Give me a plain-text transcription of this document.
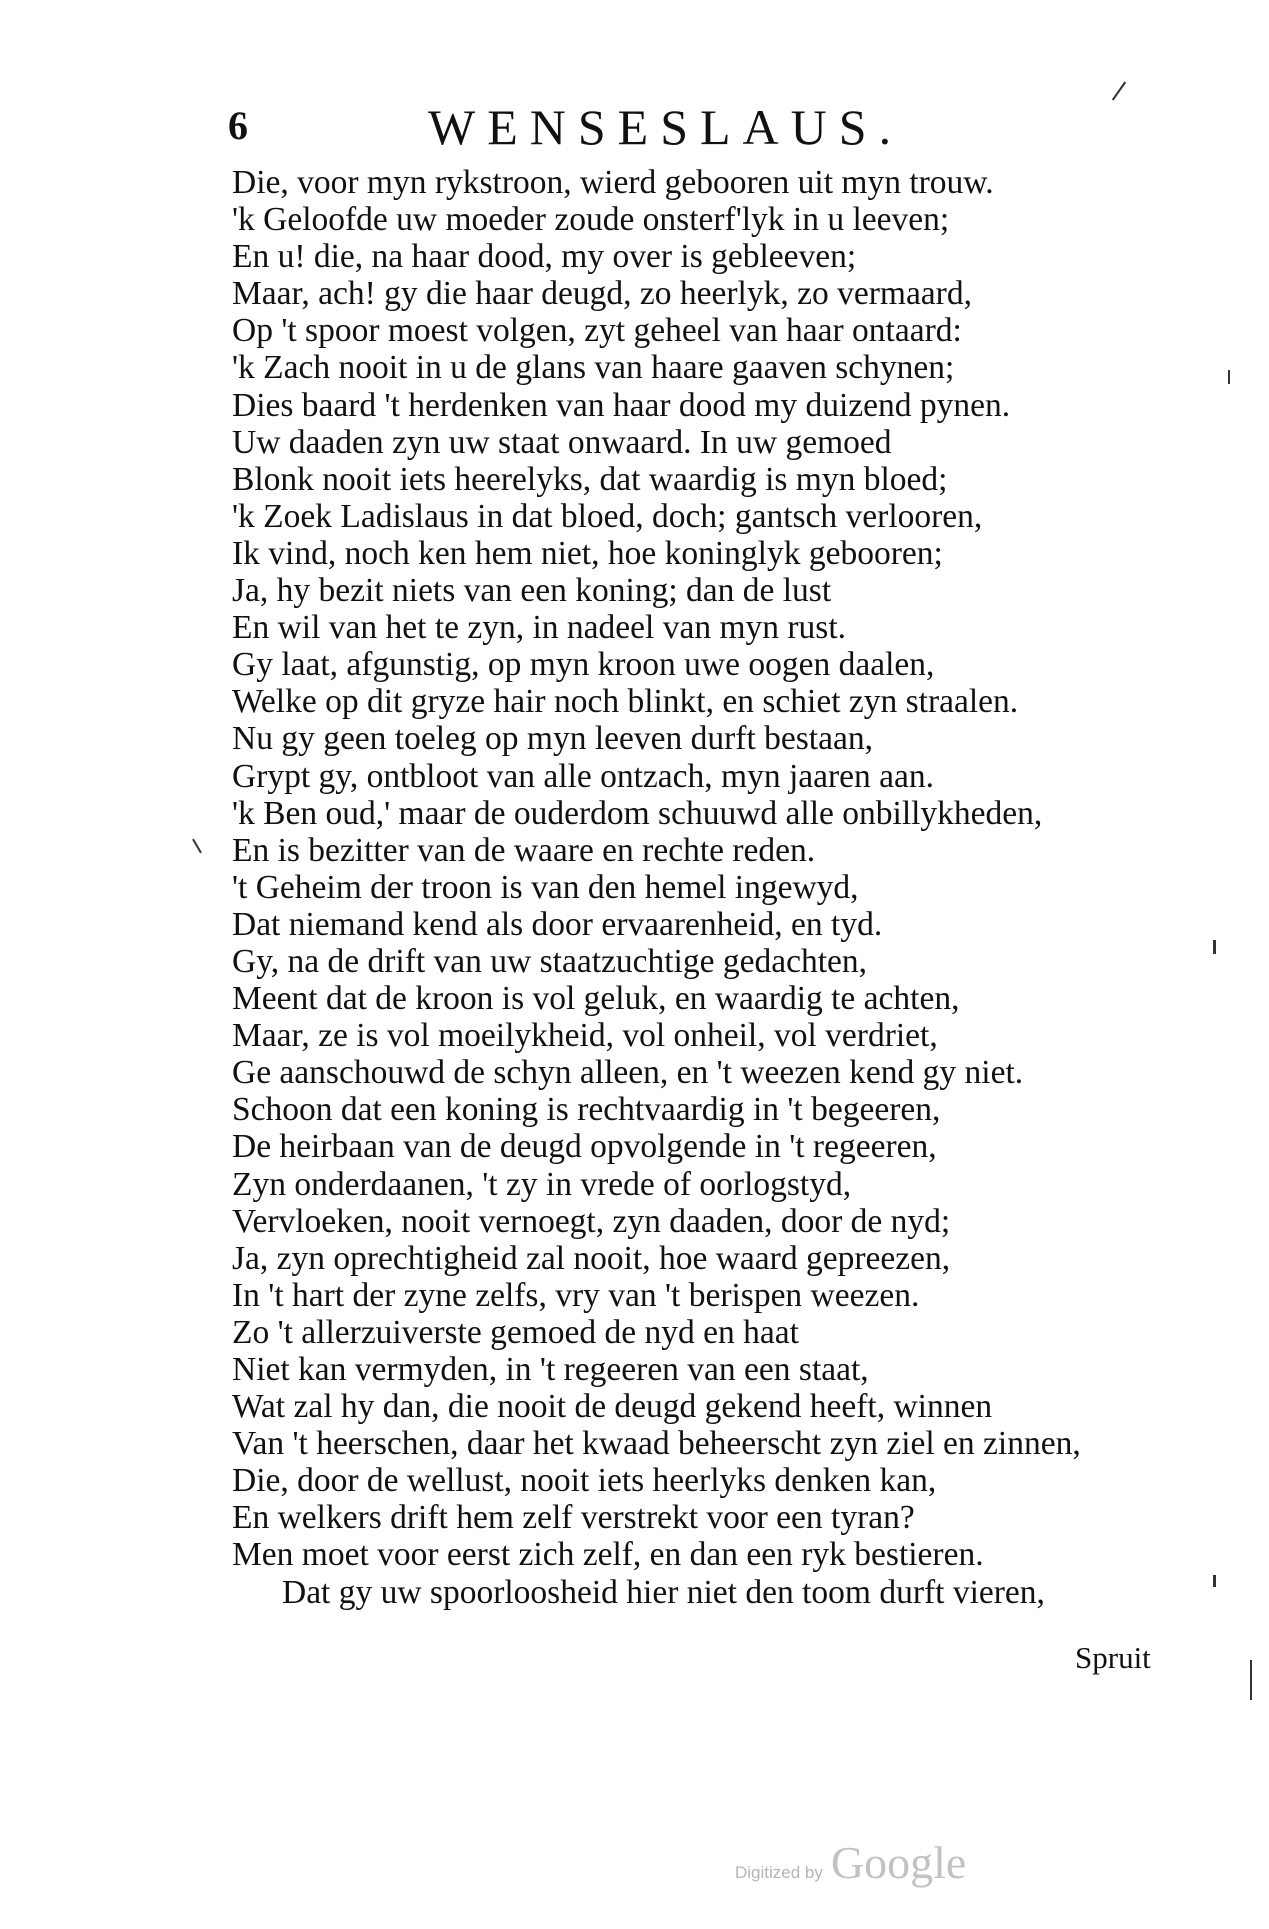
6	WENSESLAUS.
Die, voor myn rykstroon, wierd gebooren uit myn trouw.
'k Geloofde uw moeder zoude onsterf'lyk in u leeven;
En u! die, na haar dood, my over is gebleeven;
Maar, ach! gy die haar deugd, zo heerlyk, zo vermaard,
Op 't spoor moest volgen, zyt geheel van haar ontaard:
'k Zach nooit in u de glans van haare gaaven schynen;
Dies baard 't herdenken van haar dood my duizend pynen.
Uw daaden zyn uw staat onwaard. In uw gemoed
Blonk nooit iets heerelyks, dat waardig is myn bloed;
'k Zoek Ladislaus in dat bloed, doch; gantsch verlooren,
Ik vind, noch ken hem niet, hoe koninglyk gebooren;
Ja, hy bezit niets van een koning; dan de lust
En wil van het te zyn, in nadeel van myn rust.
Gy laat, afgunstig, op myn kroon uwe oogen daalen,
Welke op dit gryze hair noch blinkt, en schiet zyn straalen.
Nu gy geen toeleg op myn leeven durft bestaan,
Grypt gy, ontbloot van alle ontzach, myn jaaren aan.
'k Ben oud,' maar de ouderdom schuuwd alle onbillykheden,
En is bezitter van de waare en rechte reden.
't Geheim der troon is van den hemel ingewyd,
Dat niemand kend als door ervaarenheid, en tyd.
Gy, na de drift van uw staatzuchtige gedachten,
Meent dat de kroon is vol geluk, en waardig te achten,
Maar, ze is vol moeilykheid, vol onheil, vol verdriet,
Ge aanschouwd de schyn alleen, en 't weezen kend gy niet.
Schoon dat een koning is rechtvaardig in 't begeeren,
De heirbaan van de deugd opvolgende in 't regeeren,
Zyn onderdaanen, 't zy in vrede of oorlogstyd,
Vervloeken, nooit vernoegt, zyn daaden, door de nyd;
Ja, zyn oprechtigheid zal nooit, hoe waard gepreezen,
In 't hart der zyne zelfs, vry van 't berispen weezen.
Zo 't allerzuiverste gemoed de nyd en haat
Niet kan vermyden, in 't regeeren van een staat,
Wat zal hy dan, die nooit de deugd gekend heeft, winnen
Van 't heerschen, daar het kwaad beheerscht zyn ziel en zinnen,
Die, door de wellust, nooit iets heerlyks denken kan,
En welkers drift hem zelf verstrekt voor een tyran?
Men moet voor eerst zich zelf, en dan een ryk bestieren.
Dat gy uw spoorloosheid hier niet den toom durft vieren,
Spruit
Digitized by Google
